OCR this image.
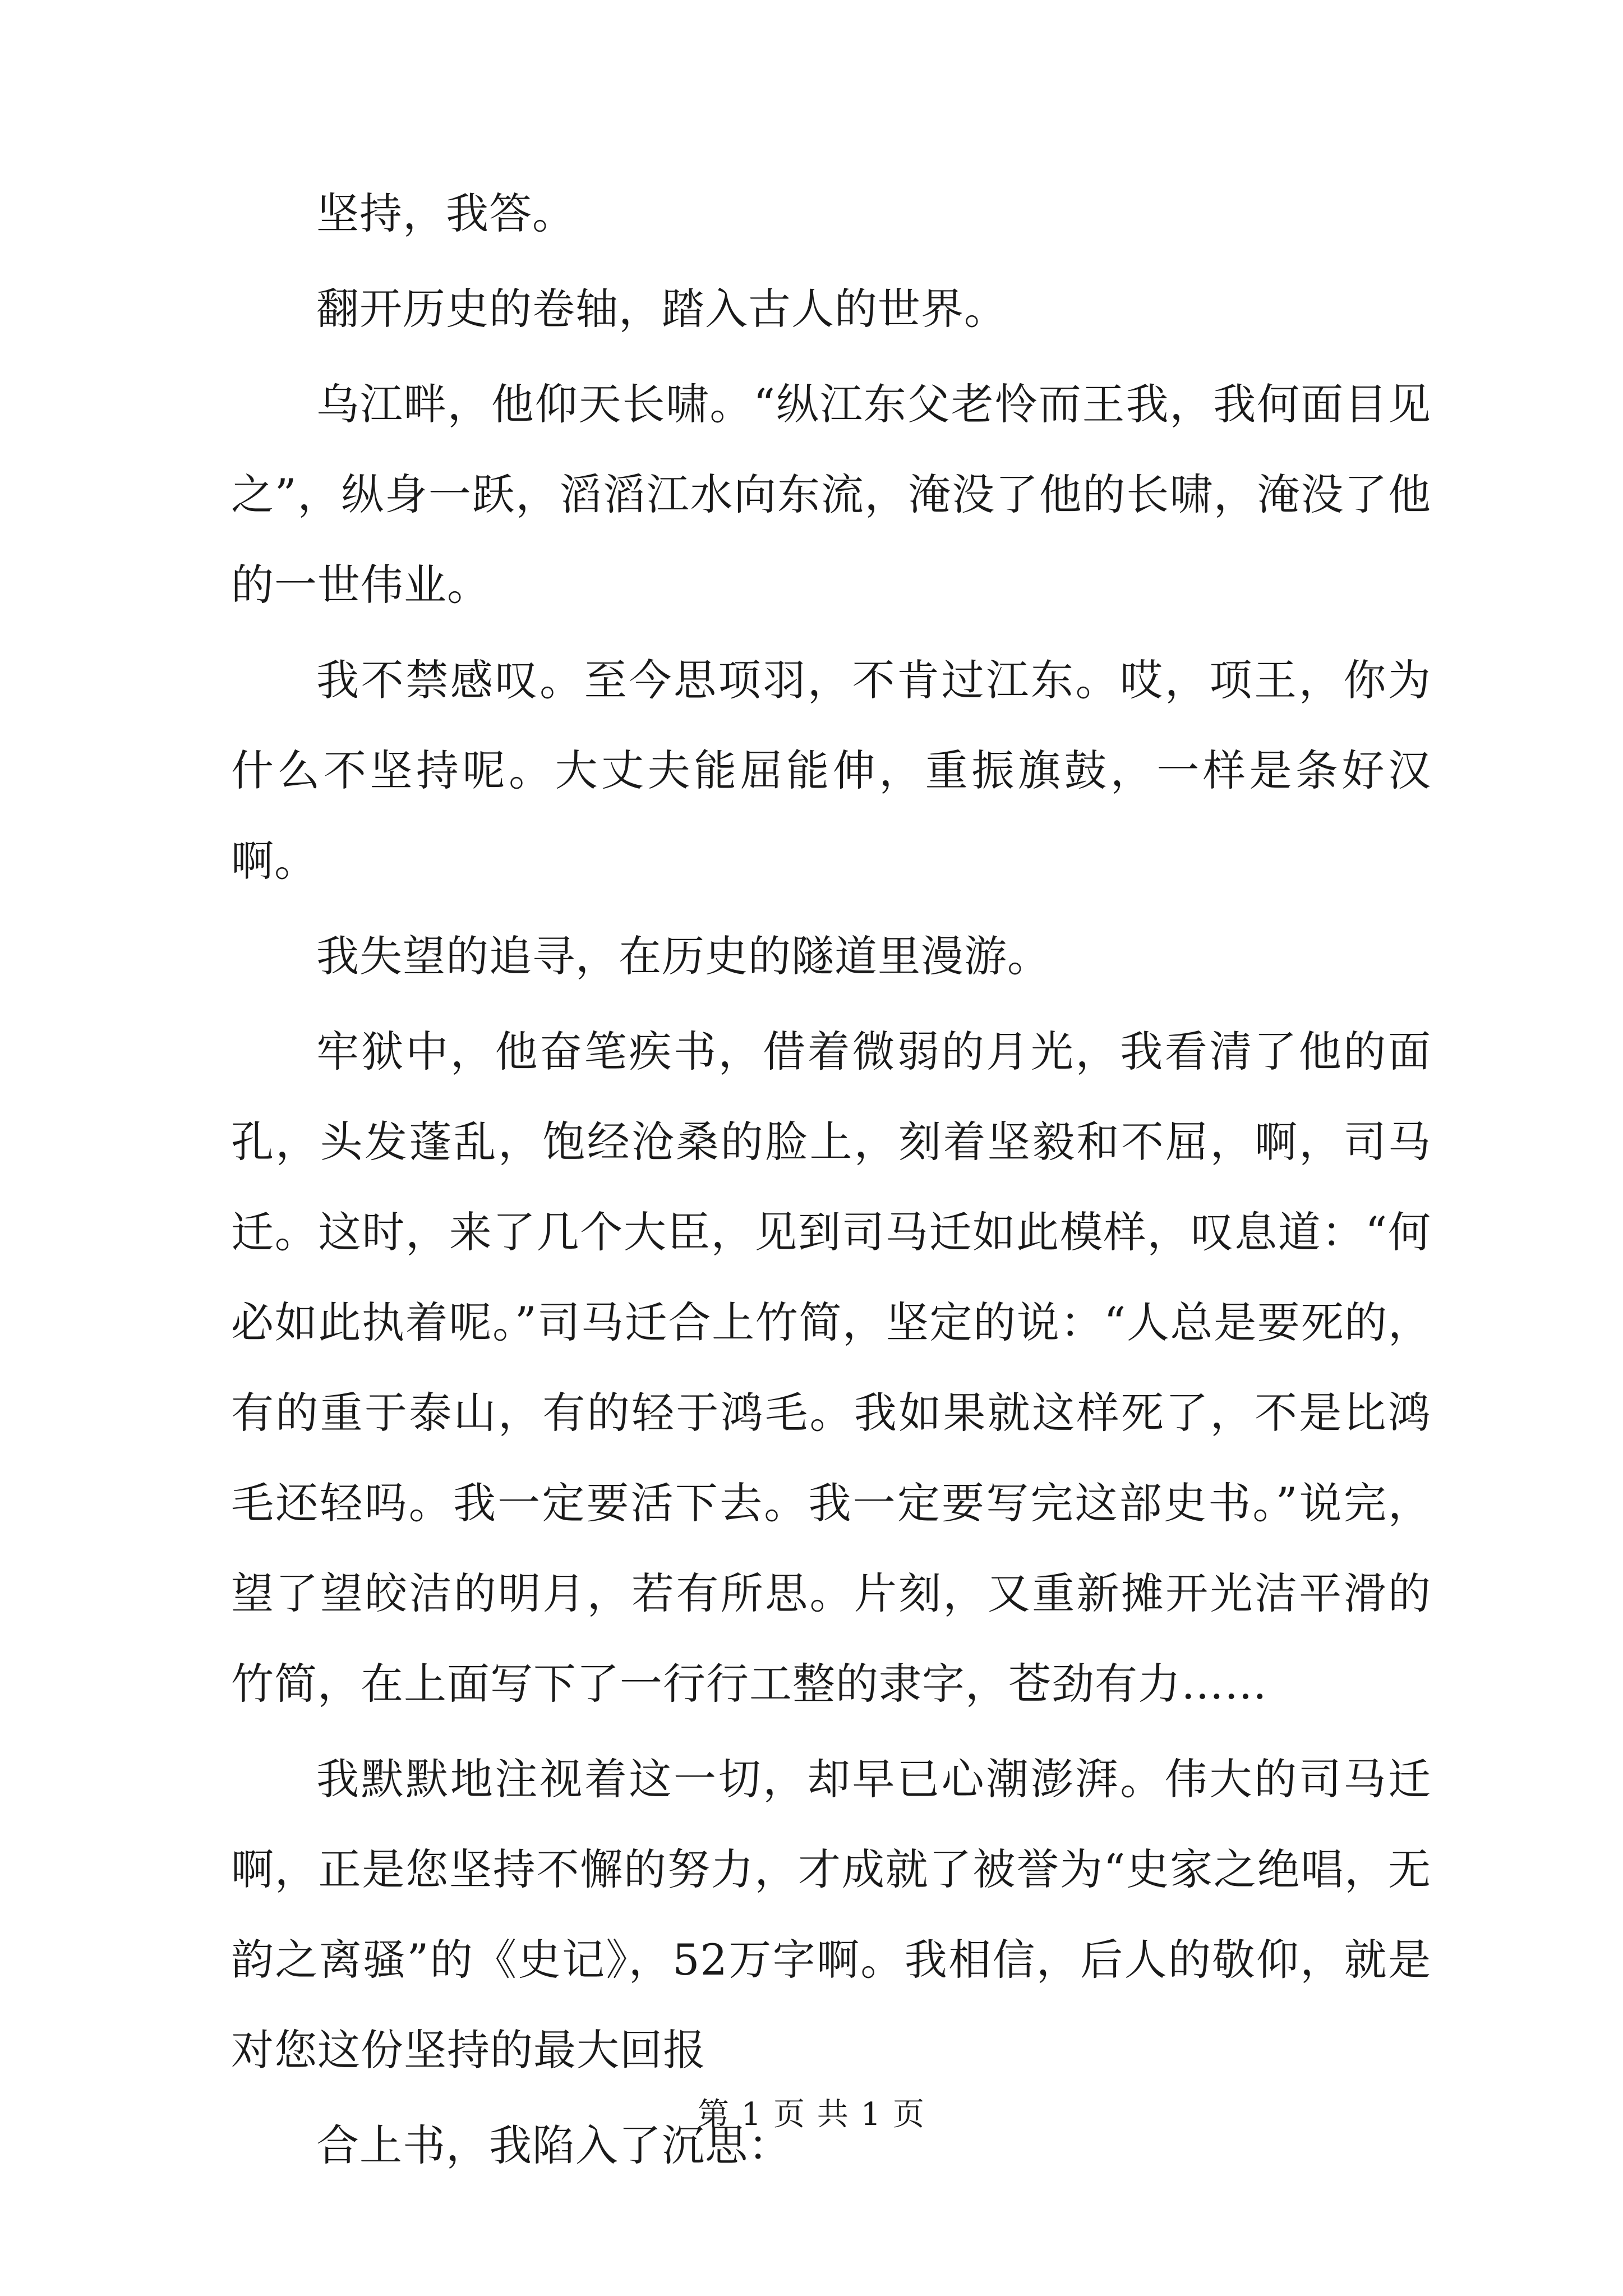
坚持，我答。

翻开历史的卷轴，踏入古人的世界。

乌江畔，他仰天长啸。“纵江东父老怜而王我，我何面目见之”，纵身一跃，滔滔江水向东流，淹没了他的长啸，淹没了他的一世伟业。

我不禁感叹。至今思项羽，不肯过江东。哎，项王，你为什么不坚持呢。大丈夫能屈能伸，重振旗鼓，一样是条好汉啊。

我失望的追寻，在历史的隧道里漫游。

牢狱中，他奋笔疾书，借着微弱的月光，我看清了他的面孔，头发蓬乱，饱经沧桑的脸上，刻着坚毅和不屈，啊，司马迁。这时，来了几个大臣，见到司马迁如此模样，叹息道：“何必如此执着呢。”司马迁合上竹简，坚定的说：“人总是要死的，有的重于泰山，有的轻于鸿毛。我如果就这样死了，不是比鸿毛还轻吗。我一定要活下去。我一定要写完这部史书。”说完，望了望皎洁的明月，若有所思。片刻，又重新摊开光洁平滑的竹简，在上面写下了一行行工整的隶字，苍劲有力……

我默默地注视着这一切，却早已心潮澎湃。伟大的司马迁啊，正是您坚持不懈的努力，才成就了被誉为“史家之绝唱，无韵之离骚”的《史记》，52万字啊。我相信，后人的敬仰，就是对您这份坚持的最大回报

合上书，我陷入了沉思：

第 1 页 共 1 页
